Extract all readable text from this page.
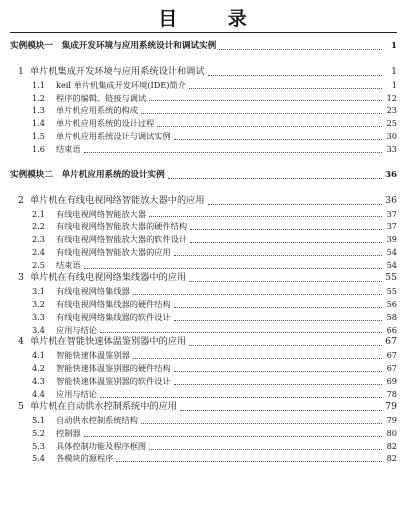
目 录
实例模块一　集成开发环境与应用系统设计和调试实例	1
1 单片机集成开发环境与应用系统设计和调试	1
1.1 keil 单片机集成开发环境(IDE)简介	1
1.2 程序的编辑、链接与调试	12
1.3 单片机应用系统的构成	23
1.4 单片机应用系统的设计过程	25
1.5 单片机应用系统设计与调试实例	30
1.6 结束语	33
实例模块二　单片机应用系统的设计实例	36
2 单片机在有线电视网络智能放大器中的应用	36
2.1 有线电视网络智能放大器	37
2.2 有线电视网络智能放大器的硬件结构	37
2.3 有线电视网络智能放大器的软件设计	39
2.4 有线电视网络智能放大器的应用	54
2.5 结束语	54
3 单片机在有线电视网络集线器中的应用	55
3.1 有线电视网络集线器	55
3.2 有线电视网络集线器的硬件结构	56
3.3 有线电视网络集线器的软件设计	58
3.4 应用与结论	66
4 单片机在智能快速体温鉴别器中的应用	67
4.1 智能快速体温鉴别器	67
4.2 智能快速体温鉴别器的硬件结构	67
4.3 智能快速体温鉴别器的软件设计	69
4.4 应用与结论	78
5 单片机在自动供水控制系统中的应用	79
5.1 自动供水控制系统结构	79
5.2 控制器	80
5.3 具体控制功能及程序框图	82
5.4 各模块的源程序	82
